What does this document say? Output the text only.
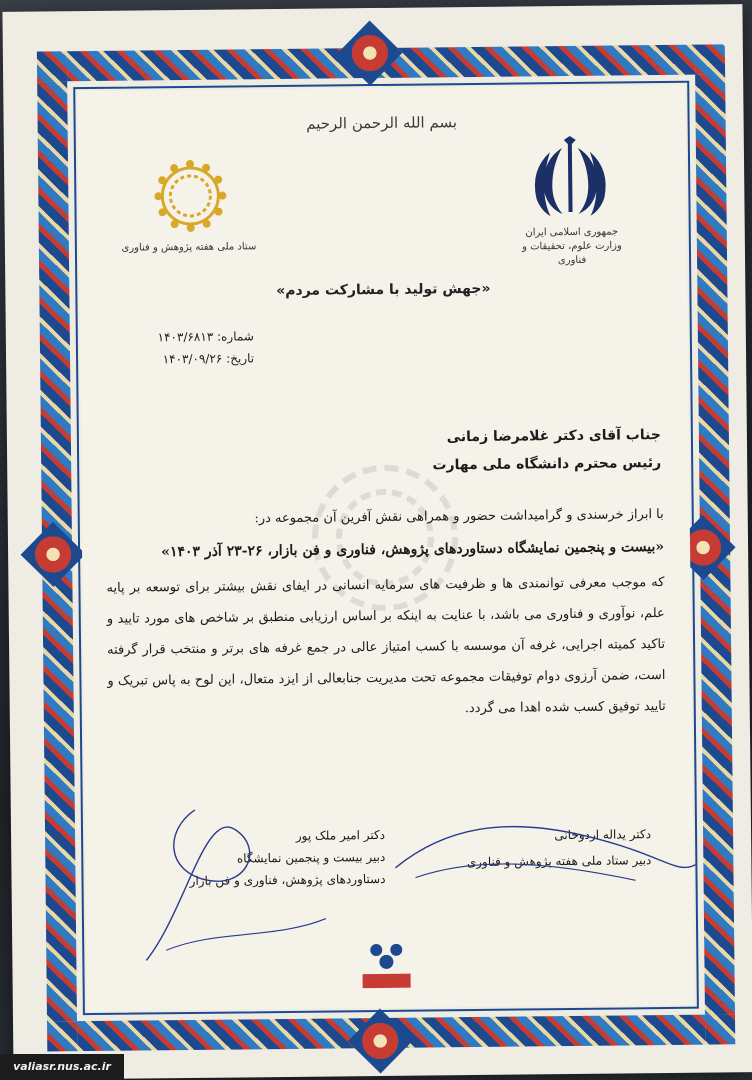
بسم الله الرحمن الرحیم
ستاد ملی هفته پژوهش و فناوری
جمهوری اسلامی ایران
وزارت علوم، تحقیقات و فناوری
«جهش تولید با مشارکت مردم»
شماره: ۱۴۰۳/۶۸۱۳
تاریخ: ۱۴۰۳/۰۹/۲۶
جناب آقای دکتر غلامرضا زمانی
رئیس محترم دانشگاه ملی مهارت
با ابراز خرسندی و گرامیداشت حضور و همراهی نقش آفرین آن مجموعه در:
«بیست و پنجمین نمایشگاه دستاوردهای پژوهش، فناوری و فن بازار، ۲۶-۲۳ آذر ۱۴۰۳»
که موجب معرفی توانمندی ها و ظرفیت های سرمایه انسانی در ایفای نقش بیشتر برای توسعه بر پایه علم، نوآوری و فناوری می باشد، با عنایت به اینکه بر اساس ارزیابی منطبق بر شاخص های مورد تایید و تاکید کمیته اجرایی، غرفه آن موسسه با کسب امتیاز عالی در جمع غرفه های برتر و منتخب قرار گرفته است، ضمن آرزوی دوام توفیقات مجموعه تحت مدیریت جنابعالی از ایزد متعال، این لوح به پاس تبریک و تایید توفیق کسب شده اهدا می گردد.
دکتر یداله اردوخانی
دبیر ستاد ملی هفته پژوهش و فناوری
دکتر امیر ملک پور
دبیر بیست و پنجمین نمایشگاه دستاوردهای پژوهش، فناوری و فن بازار
valiasr.nus.ac.ir
